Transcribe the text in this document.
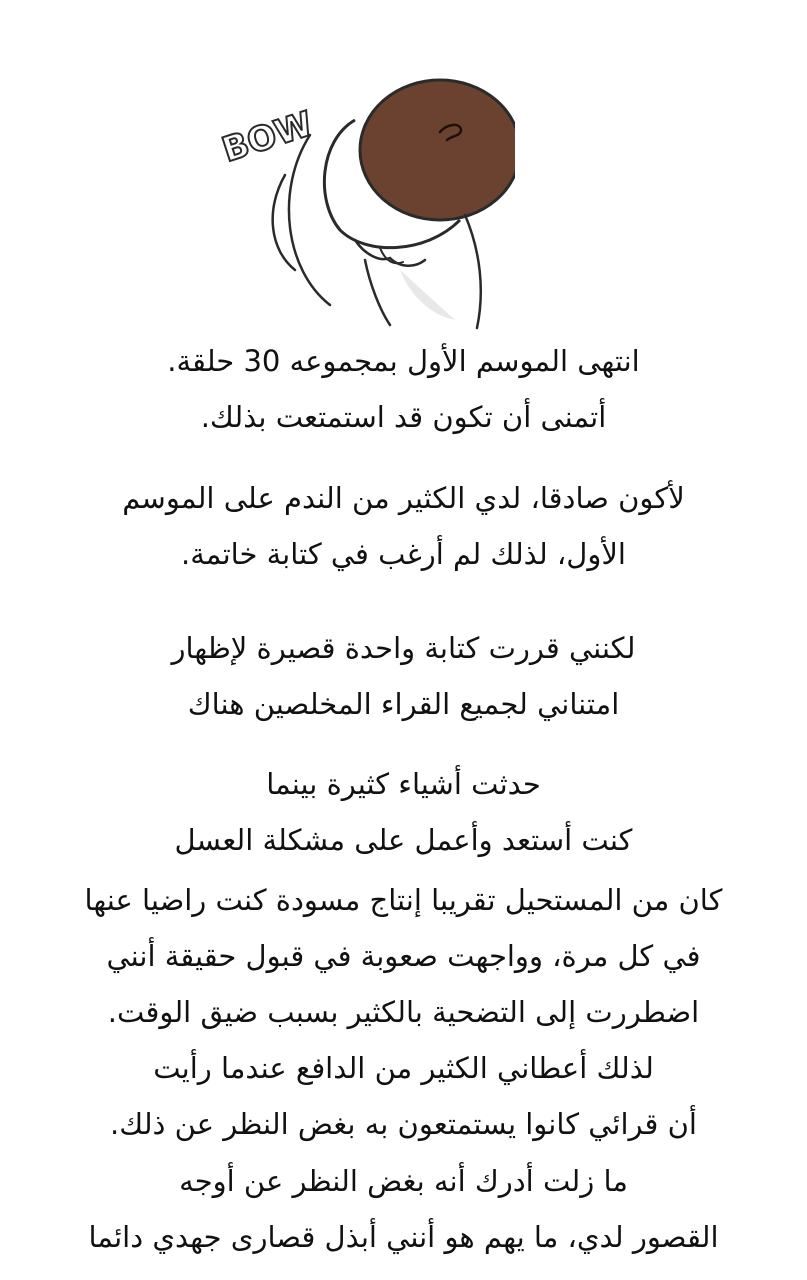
BOW
انتهى الموسم الأول بمجموعه 30 حلقة.
أتمنى أن تكون قد استمتعت بذلك.
لأكون صادقا، لدي الكثير من الندم على الموسم
الأول، لذلك لم أرغب في كتابة خاتمة.
لكنني قررت كتابة واحدة قصيرة لإظهار
امتناني لجميع القراء المخلصين هناك
حدثت أشياء كثيرة بينما
كنت أستعد وأعمل على مشكلة العسل
كان من المستحيل تقريبا إنتاج مسودة كنت راضيا عنها
في كل مرة، وواجهت صعوبة في قبول حقيقة أنني
اضطررت إلى التضحية بالكثير بسبب ضيق الوقت.
لذلك أعطاني الكثير من الدافع عندما رأيت
أن قرائي كانوا يستمتعون به بغض النظر عن ذلك.
ما زلت أدرك أنه بغض النظر عن أوجه
القصور لدي، ما يهم هو أنني أبذل قصارى جهدي دائما
